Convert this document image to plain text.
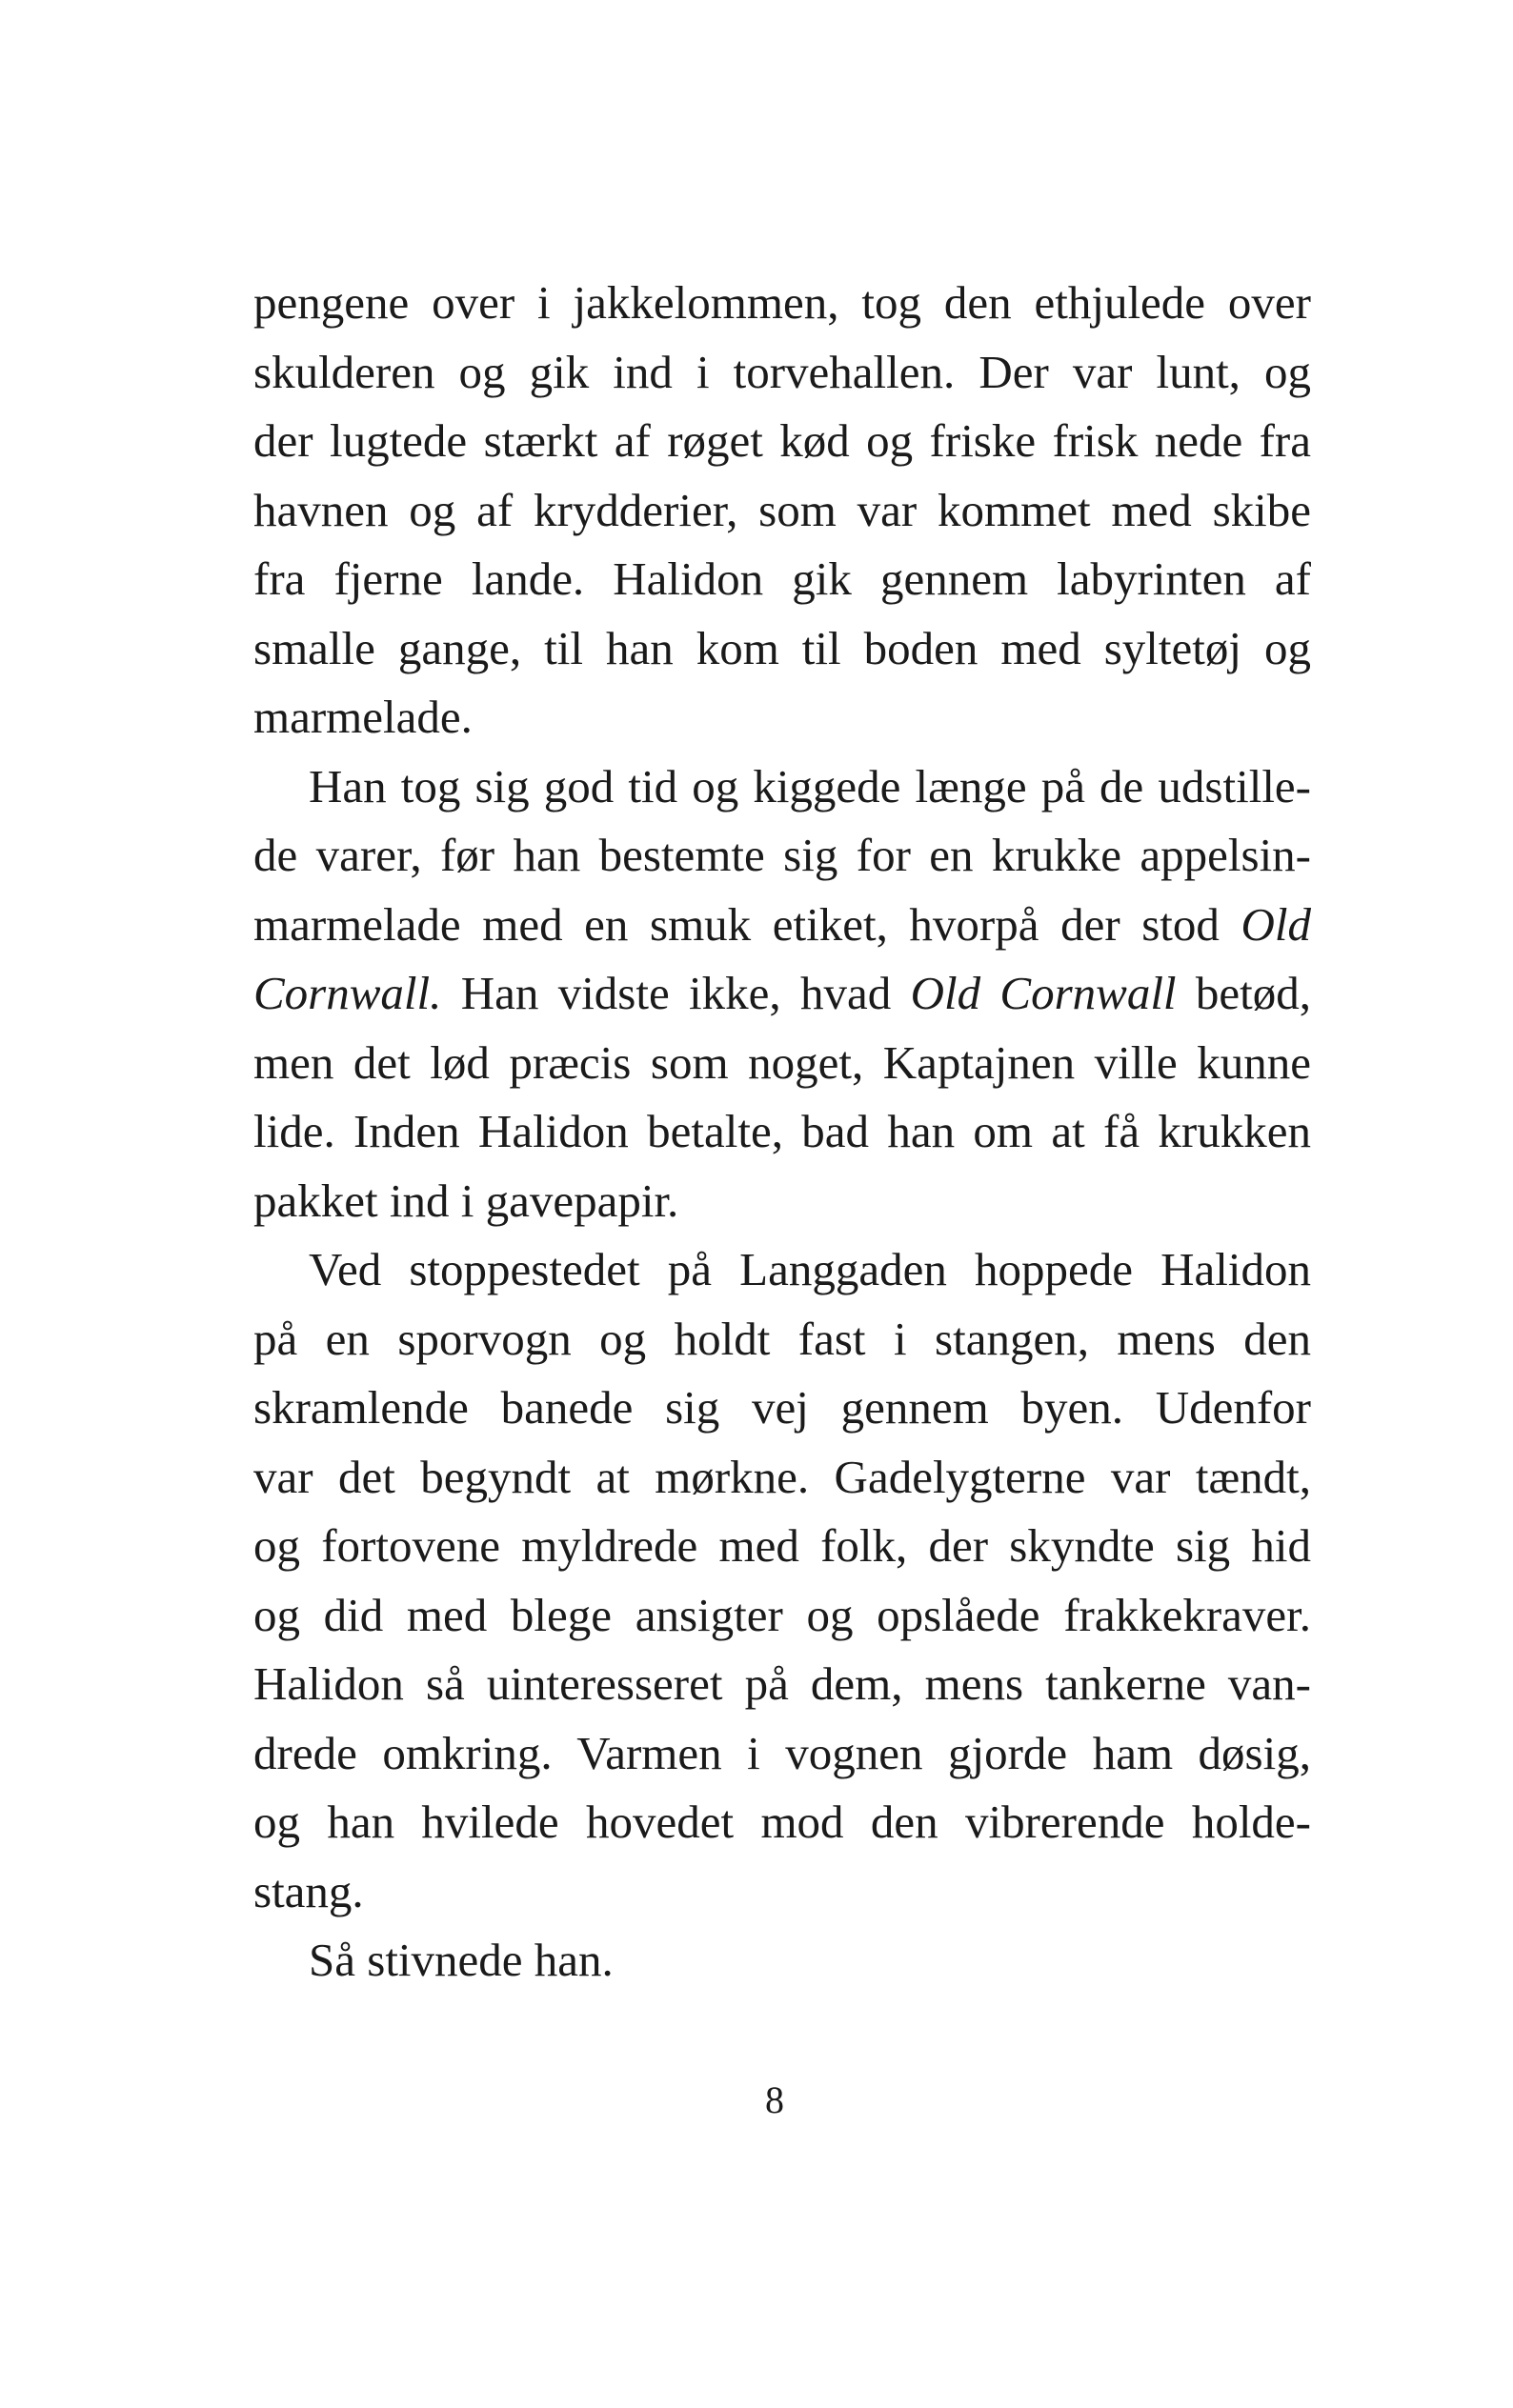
pengene over i jakkelommen, tog den ethjulede over
skulderen og gik ind i torvehallen. Der var lunt, og
der lugtede stærkt af røget kød og friske frisk nede fra
havnen og af krydderier, som var kommet med skibe
fra fjerne lande. Halidon gik gennem labyrinten af
smalle gange, til han kom til boden med syltetøj og
marmelade.
Han tog sig god tid og kiggede længe på de udstille-
de varer, før han bestemte sig for en krukke appelsin-
marmelade med en smuk etiket, hvorpå der stod Old
Cornwall. Han vidste ikke, hvad Old Cornwall betød,
men det lød præcis som noget, Kaptajnen ville kunne
lide. Inden Halidon betalte, bad han om at få krukken
pakket ind i gavepapir.
Ved stoppestedet på Langgaden hoppede Halidon
på en sporvogn og holdt fast i stangen, mens den
skramlende banede sig vej gennem byen. Udenfor
var det begyndt at mørkne. Gadelygterne var tændt,
og fortovene myldrede med folk, der skyndte sig hid
og did med blege ansigter og opslåede frakkekraver.
Halidon så uinteresseret på dem, mens tankerne van-
drede omkring. Varmen i vognen gjorde ham døsig,
og han hvilede hovedet mod den vibrerende holde-
stang.
Så stivnede han.
8
